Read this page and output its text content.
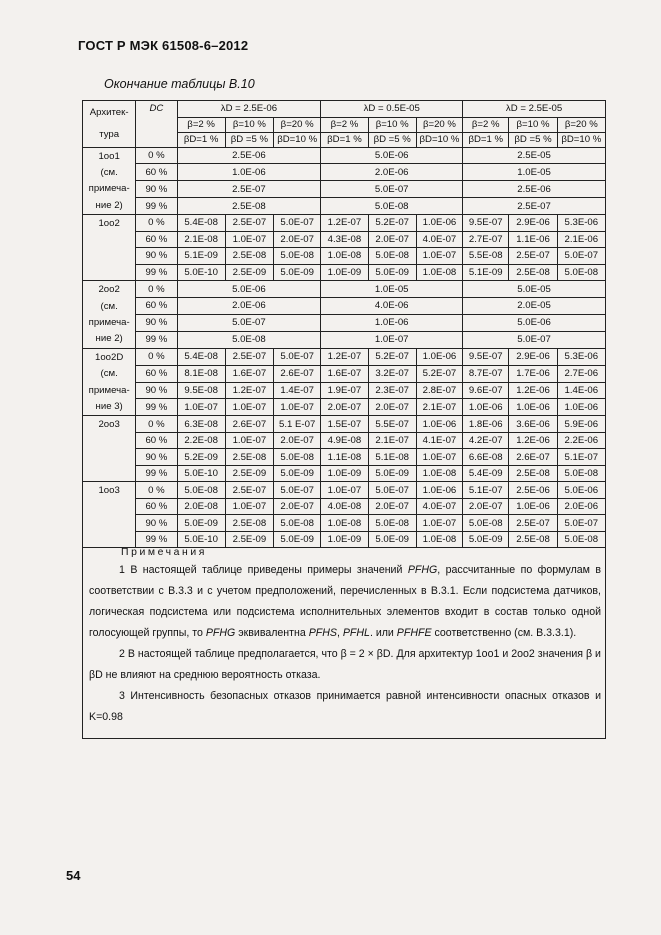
ГОСТ Р МЭК 61508-6–2012
Окончание таблицы B.10
Архитек-
тура	DC	λD = 2.5E-06			λD = 0.5E-05			λD = 2.5E-05		
		β=2 %	β=10 %	β=20 %	β=2 %	β=10 %	β=20 %	β=2 %	β=10 %	β=20 %
		βD=1 %	βD =5 %	βD=10 %	βD=1 %	βD =5 %	βD=10 %	βD=1 %	βD =5 %	βD=10 %

1oo1
(см.
примеча-
ние 2)	0 %	2.5E-06			5.0E-06			2.5E-05		
	60 %	1.0E-06			2.0E-06			1.0E-05		
	90 %	2.5E-07			5.0E-07			2.5E-06		
	99 %	2.5E-08			5.0E-08			2.5E-07		

1oo2	0 %	5.4E-08	2.5E-07	5.0E-07	1.2E-07	5.2E-07	1.0E-06	9.5E-07	2.9E-06	5.3E-06
	60 %	2.1E-08	1.0E-07	2.0E-07	4.3E-08	2.0E-07	4.0E-07	2.7E-07	1.1E-06	2.1E-06
	90 %	5.1E-09	2.5E-08	5.0E-08	1.0E-08	5.0E-08	1.0E-07	5.5E-08	2.5E-07	5.0E-07
	99 %	5.0E-10	2.5E-09	5.0E-09	1.0E-09	5.0E-09	1.0E-08	5.1E-09	2.5E-08	5.0E-08

2oo2
(см.
примеча-
ние 2)	0 %	5.0E-06			1.0E-05			5.0E-05		
	60 %	2.0E-06			4.0E-06			2.0E-05		
	90 %	5.0E-07			1.0E-06			5.0E-06		
	99 %	5.0E-08			1.0E-07			5.0E-07		

1oo2D
(см.
примеча-
ние 3)	0 %	5.4E-08	2.5E-07	5.0E-07	1.2E-07	5.2E-07	1.0E-06	9.5E-07	2.9E-06	5.3E-06
	60 %	8.1E-08	1.6E-07	2.6E-07	1.6E-07	3.2E-07	5.2E-07	8.7E-07	1.7E-06	2.7E-06
	90 %	9.5E-08	1.2E-07	1.4E-07	1.9E-07	2.3E-07	2.8E-07	9.6E-07	1.2E-06	1.4E-06
	99 %	1.0E-07	1.0E-07	1.0E-07	2.0E-07	2.0E-07	2.1E-07	1.0E-06	1.0E-06	1.0E-06

2oo3	0 %	6.3E-08	2.6E-07	5.1 E-07	1.5E-07	5.5E-07	1.0E-06	1.8E-06	3.6E-06	5.9E-06
	60 %	2.2E-08	1.0E-07	2.0E-07	4.9E-08	2.1E-07	4.1E-07	4.2E-07	1.2E-06	2.2E-06
	90 %	5.2E-09	2.5E-08	5.0E-08	1.1E-08	5.1E-08	1.0E-07	6.6E-08	2.6E-07	5.1E-07
	99 %	5.0E-10	2.5E-09	5.0E-09	1.0E-09	5.0E-09	1.0E-08	5.4E-09	2.5E-08	5.0E-08

1oo3	0 %	5.0E-08	2.5E-07	5.0E-07	1.0E-07	5.0E-07	1.0E-06	5.1E-07	2.5E-06	5.0E-06
	60 %	2.0E-08	1.0E-07	2.0E-07	4.0E-08	2.0E-07	4.0E-07	2.0E-07	1.0E-06	2.0E-06
	90 %	5.0E-09	2.5E-08	5.0E-08	1.0E-08	5.0E-08	1.0E-07	5.0E-08	2.5E-07	5.0E-07
	99 %	5.0E-10	2.5E-09	5.0E-09	1.0E-09	5.0E-09	1.0E-08	5.0E-09	2.5E-08	5.0E-08
Примечания

1 В настоящей таблице приведены примеры значений PFHG, рассчитанные по формулам в соответствии с B.3.3 и с учетом предположений, перечисленных в B.3.1. Если подсистема датчиков, логическая подсистема или подсистема исполнительных элементов входит в состав только одной голосующей группы, то PFHG эквивалентна PFHS, PFHL. или PFHFE соответственно (см. B.3.3.1).

2 В настоящей таблице предполагается, что β = 2 × βD. Для архитектур 1oo1 и 2oo2 значения β и βD не влияют на среднюю вероятность отказа.

3 Интенсивность безопасных отказов принимается равной интенсивности опасных отказов и K=0.98

54
